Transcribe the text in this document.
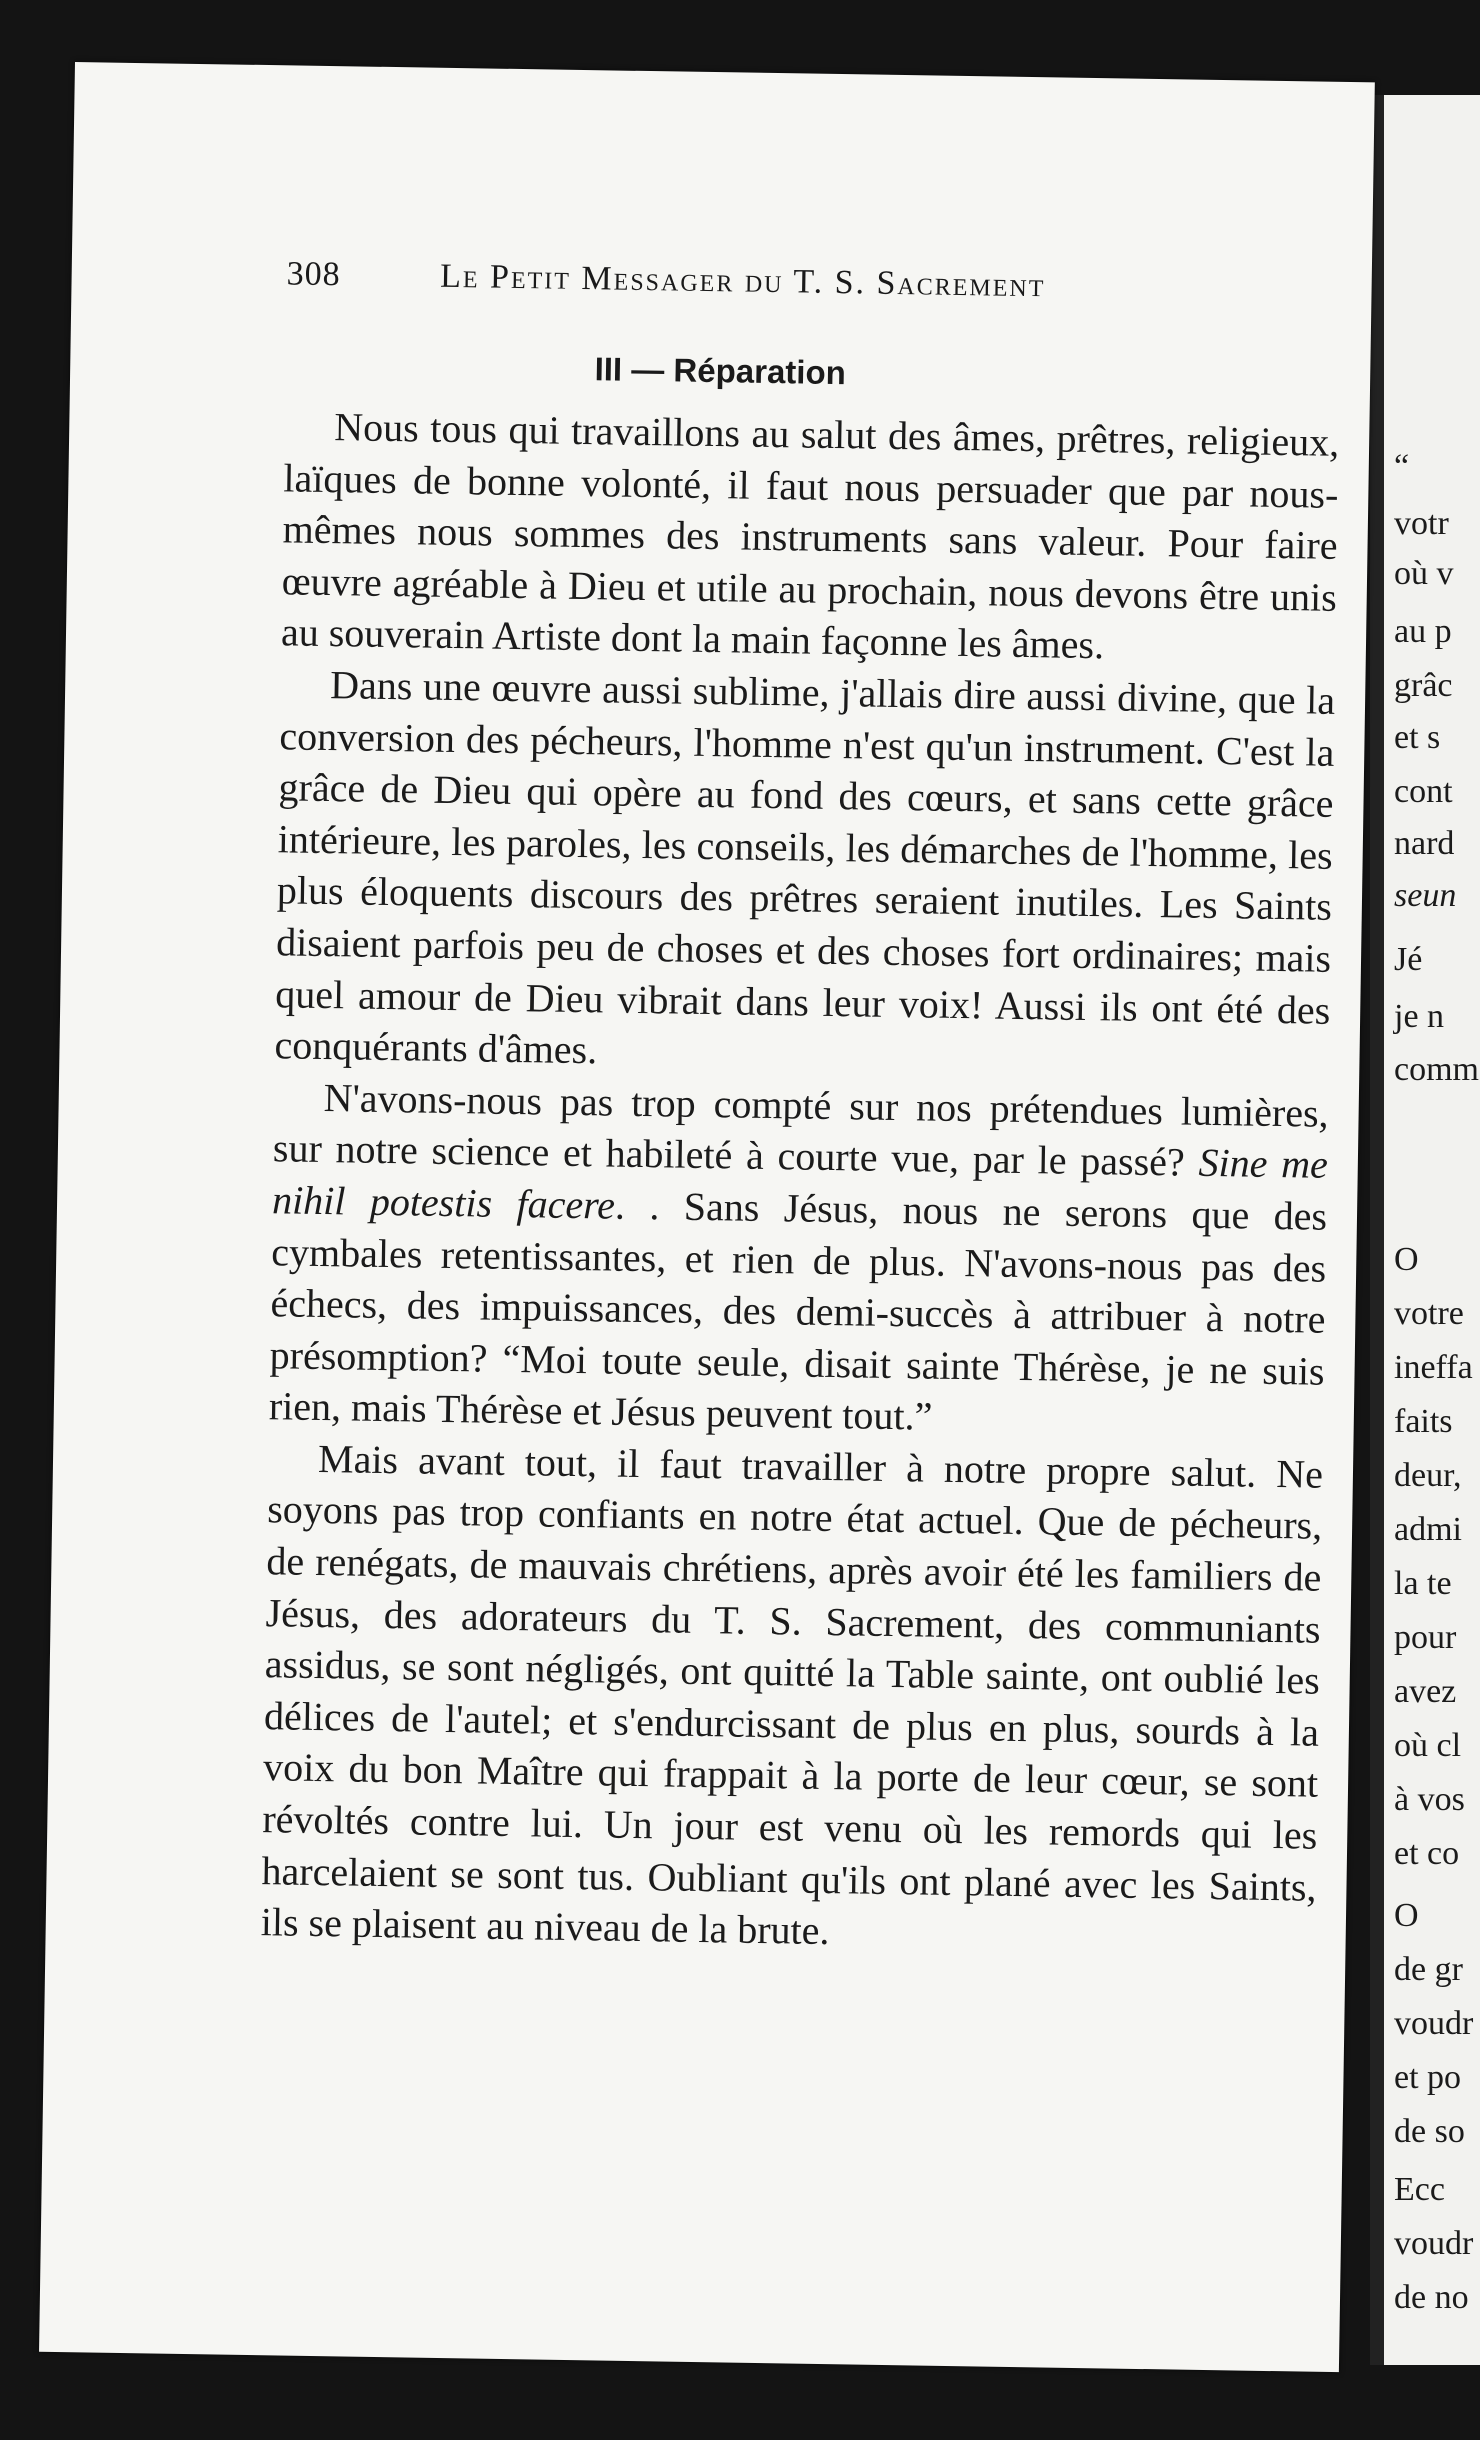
“
votr
où v
au p
grâc
et s
cont
nard
seun
Jé
je n
comm
O
votre
ineffa
faits
deur,
admi
la te
pour
avez
où cl
à vos
et co
O
de gr
voudr
et po
de so
Ecc
voudr
de no
308	Le Petit Messager du T. S. Sacrement
III — Réparation

Nous tous qui travaillons au salut des âmes, prêtres, religieux, laïques de bonne volonté, il faut nous persuader que par nous-mêmes nous sommes des instruments sans valeur. Pour faire œuvre agréable à Dieu et utile au prochain, nous devons être unis au souverain Artiste dont la main façonne les âmes.

Dans une œuvre aussi sublime, j'allais dire aussi divine, que la conversion des pécheurs, l'homme n'est qu'un instrument. C'est la grâce de Dieu qui opère au fond des cœurs, et sans cette grâce intérieure, les paroles, les conseils, les démarches de l'homme, les plus éloquents discours des prêtres seraient inutiles. Les Saints disaient parfois peu de choses et des choses fort ordinaires; mais quel amour de Dieu vibrait dans leur voix! Aussi ils ont été des conquérants d'âmes.

N'avons-nous pas trop compté sur nos prétendues lumières, sur notre science et habileté à courte vue, par le passé? Sine me nihil potestis facere. . Sans Jésus, nous ne serons que des cymbales retentissantes, et rien de plus. N'avons-nous pas des échecs, des impuissances, des demi-succès à attribuer à notre présomption? “Moi toute seule, disait sainte Thérèse, je ne suis rien, mais Thérèse et Jésus peuvent tout.”

Mais avant tout, il faut travailler à notre propre salut. Ne soyons pas trop confiants en notre état actuel. Que de pécheurs, de renégats, de mauvais chrétiens, après avoir été les familiers de Jésus, des adorateurs du T. S. Sacrement, des communiants assidus, se sont négligés, ont quitté la Table sainte, ont oublié les délices de l'autel; et s'endurcissant de plus en plus, sourds à la voix du bon Maître qui frappait à la porte de leur cœur, se sont révoltés contre lui. Un jour est venu où les remords qui les harcelaient se sont tus. Oubliant qu'ils ont plané avec les Saints, ils se plaisent au niveau de la brute.
